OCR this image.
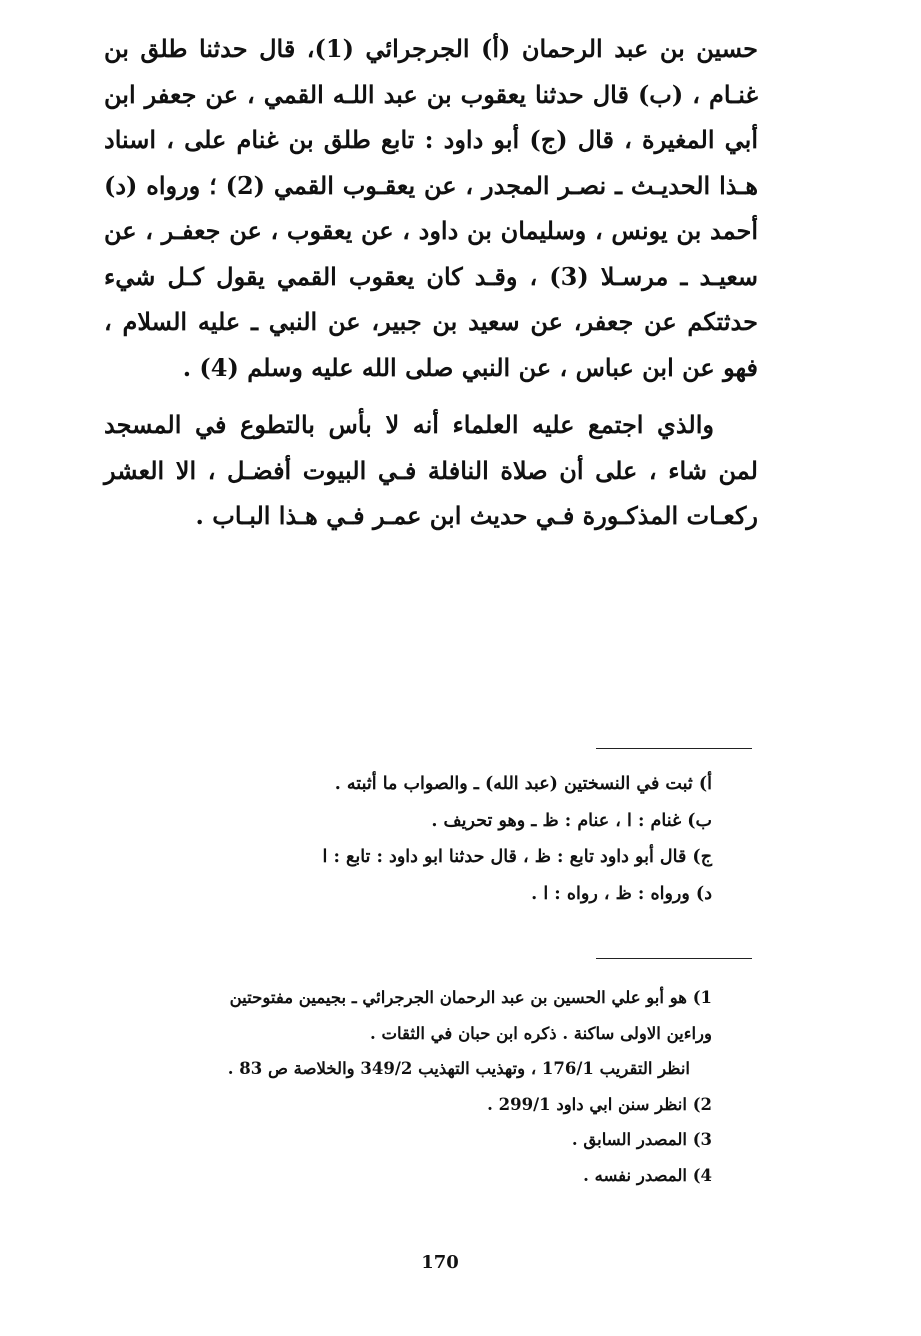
حسين بن عبد الرحمان (أ) الجرجرائي (1)، قال حدثنا طلق بن غنـام ، (ب) قال حدثنا يعقوب بن عبد اللـه القمي ، عن جعفر ابن أبي المغيرة ، قال (ج) أبو داود : تابع طلق بن غنام على ، اسناد هـذا الحديـث ـ نصـر المجدر ، عن يعقـوب القمي (2) ؛ ورواه (د) أحمد بن يونس ، وسليمان بن داود ، عن يعقوب ، عن جعفـر ، عن سعيـد ـ مرسـلا (3) ، وقـد كان يعقوب القمي يقول كـل شيء حدثتكم عن جعفر، عن سعيد بن جبير، عن النبي ـ عليه السلام ، فهو عن ابن عباس ، عن النبي صلى الله عليه وسلم (4) .

والذي اجتمع عليه العلماء أنه لا بأس بالتطوع في المسجد لمن شاء ، على أن صلاة النافلة فـي البيوت أفضـل ، الا العشر ركعـات المذكـورة فـي حديث ابن عمـر فـي هـذا البـاب .

أ) ثبت في النسختين (عبد الله) ـ والصواب ما أثبته .
ب) غنام : ا ، عنام : ظ ـ وهو تحريف .
ج) قال أبو داود تابع : ظ ، قال حدثنا ابو داود : تابع : ا
د) ورواه : ظ ، رواه : ا .
1) هو أبو علي الحسين بن عبد الرحمان الجرجرائي ـ بجيمين مفتوحتين
وراءين الاولى ساكنة . ذكره ابن حبان في الثقات .
انظر التقريب 176/1 ، وتهذيب التهذيب 349/2 والخلاصة ص 83 .
2) انظر سنن ابي داود 299/1 .
3) المصدر السابق .
4) المصدر نفسه .
170
